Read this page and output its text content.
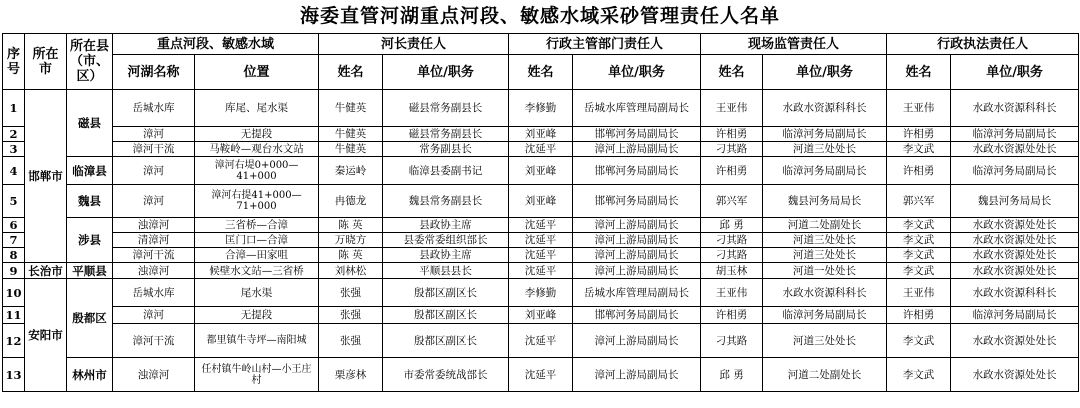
海委直管河湖重点河段、敏感水域采砂管理责任人名单
序号	所在市	所在县（市、区）	重点河段、敏感水域		河长责任人		行政主管部门责任人		现场监管责任人		行政执法责任人	
			河湖名称	位置	姓名	单位/职务	姓名	单位/职务	姓名	单位/职务	姓名	单位/职务
1	邯郸市	磁县	岳城水库	库尾、尾水渠	牛健英	磁县常务副县长	李修勤	岳城水库管理局副局长	王亚伟	水政水资源科科长	王亚伟	水政水资源科科长
2			漳河	无提段	牛健英	磁县常务副县长	刘亚峰	邯郸河务局副局长	许相勇	临漳河务局副局长	许相勇	临漳河务局副局长
3			漳河干流	马鞍岭—观台水文站	牛健英	常务副县长	沈延平	漳河上游局副局长	刁其路	河道三处处长	李文武	水政水资源处处长
4		临漳县	漳河	漳河右堤0+000—41+000	秦运岭	临漳县委副书记	刘亚峰	邯郸河务局副局长	许相勇	临漳河务局副局长	许相勇	临漳河务局副局长
5		魏县	漳河	漳河右提41+000—71+000	冉德龙	魏县常务副县长	刘亚峰	邯郸河务局副局长	郭兴军	魏县河务局局长	郭兴军	魏县河务局局长
6		涉县	浊漳河	三省桥—合漳	陈 英	县政协主席	沈延平	漳河上游局副局长	邱 勇	河道二处副处长	李文武	水政水资源处处长
7			清漳河	匡门口—合漳	万晓方	县委常委组织部长	沈延平	漳河上游局副局长	刁其路	河道三处处长	李文武	水政水资源处处长
8			漳河干流	合漳—田家咀	陈 英	县政协主席	沈延平	漳河上游局副局长	刁其路	河道三处处长	李文武	水政水资源处处长
9	长治市	平顺县	浊漳河	候壁水文站—三省桥	刘林松	平顺县县长	沈延平	漳河上游局副局长	胡玉林	河道一处处长	李文武	水政水资源处处长
10	安阳市	殷都区	岳城水库	尾水渠	张强	殷都区副区长	李修勤	岳城水库管理局副局长	王亚伟	水政水资源科科长	王亚伟	水政水资源科科长
11			漳河	无提段	张强	殷都区副区长	刘亚峰	邯郸河务局副局长	许相勇	临漳河务局副局长	许相勇	临漳河务局副局长
12			漳河干流	都里镇牛寺坪—南阳城	张强	殷都区副区长	沈延平	漳河上游局副局长	刁其路	河道三处处长	李文武	水政水资源处处长
13		林州市	浊漳河	任村镇牛岭山村—小王庄村	栗彦林	市委常委统战部长	沈延平	漳河上游局副局长	邱 勇	河道二处副处长	李文武	水政水资源处处长
